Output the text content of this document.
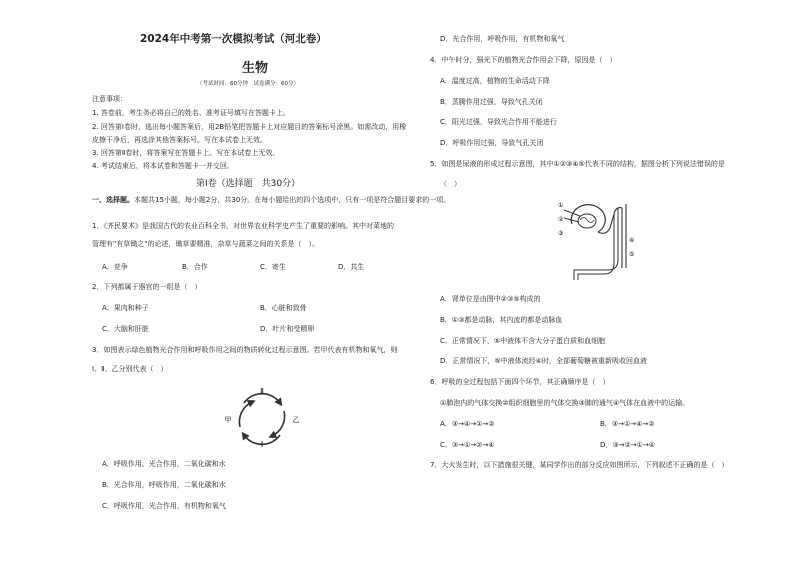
2024年中考第一次模拟考试（河北卷）
生物
（考试时间：60分钟　试卷满分：60分）
注意事项：
1. 答卷前，考生务必将自己的姓名、准考证号填写在答题卡上。
2. 回答第Ⅰ卷时，选出每小题答案后，用2B铅笔把答题卡上对应题目的答案标号涂黑。如需改动，用橡
皮擦干净后，再选涂其他答案标号。写在本试卷上无效。
3. 回答第Ⅱ卷时，将答案写在答题卡上。写在本试卷上无效。
4. 考试结束后，将本试卷和答题卡一并交回。
第Ⅰ卷（选择题　共30分）
一、选择题。本题共15小题，每小题2分，共30分。在每小题给出的四个选项中，只有一项是符合题目要求的一项。
1．《齐民要术》是我国古代的农业百科全书，对世界农业科学史产生了重要的影响。其中对菜地的
管理有"有草锄之"的论述，锄草要精准，杂草与蔬菜之间的关系是（　）。
A．竞争	B．合作	C．寄生	D．共生
2．下列都属于器官的一组是（　）
A．果肉和种子	B．心脏和致骨
C．大脑和肝脏	D．叶片和受精卵
3．如图表示绿色植物光合作用和呼吸作用之间的物质转化过程示意图。若甲代表有机物和氧气，则
Ⅰ、Ⅱ、乙分别代表（　）
Ⅱ
Ⅰ
甲	乙
A．呼吸作用，光合作用，二氧化碳和水
B．光合作用，呼吸作用，二氧化碳和水
C．呼吸作用，光合作用，有机物和氧气
D．光合作用，呼吸作用，有机物和氧气
4．中午时分，强光下的植物光合作用会下降，原因是（　）
A．温度过高，植物的生命活动下降
B．蒸腾作用过强，导致气孔关闭
C．阳光过强，导致光合作用不能进行
D．呼吸作用过强，导致气孔关闭
5．如图是尿液的形成过程示意图，其中①②③④⑤代表不同的结构，据图分析下列说法错误的是
（　）
①
②
③
④
⑤
A．肾单位是由图中②③⑤构成的
B．①③都是动脉，其内流的都是动脉血
C．正常情况下，⑤中液体不含大分子蛋白质和血细胞
D．正常情况下，⑤中液体流经④时，全部葡萄糖被重新吸收回血液
6．呼吸的全过程包括下面四个环节，其正确顺序是（　）
①肺泡内的气体交换②组织细胞里的气体交换③肺的通气④气体在血液中的运输。
A．③→④→①→②	B．③→①→④→②
C．③→①→②→④	D．③→②→①→④
7．大火发生时，以下措施很关键，某同学作出的部分反应如图所示，下列叙述不正确的是（　）
